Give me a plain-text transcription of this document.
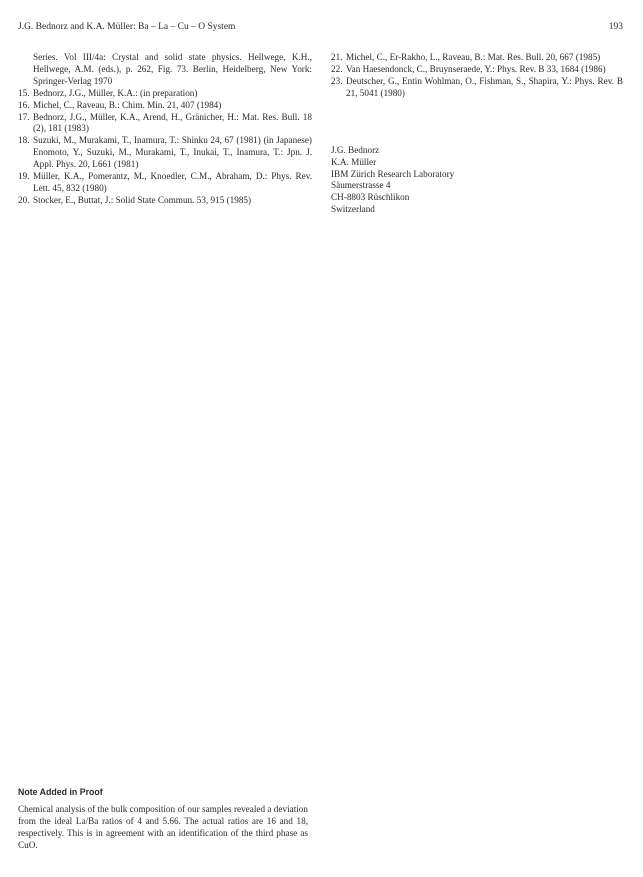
J.G. Bednorz and K.A. Müller: Ba – La – Cu – O System	193
Series. Vol III/4a: Crystal and solid state physics. Hellwege, K.H., Hellwege, A.M. (eds.), p. 262, Fig. 73. Berlin, Heidelberg, New York: Springer-Verlag 1970
15. Bednorz, J.G., Müller, K.A.: (in preparation)
16. Michel, C., Raveau, B.: Chim. Min. 21, 407 (1984)
17. Bednorz, J.G., Müller, K.A., Arend, H., Gränicher, H.: Mat. Res. Bull. 18 (2), 181 (1983)
18. Suzuki, M., Murakami, T., Inamura, T.: Shinku 24, 67 (1981) (in Japanese) Enomoto, Y., Suzuki, M., Murakami, T., Inukai, T., Inamura, T.: Jpn. J. Appl. Phys. 20, L661 (1981)
19. Müller, K.A., Pomerantz, M., Knoedler, C.M., Abraham, D.: Phys. Rev. Lett. 45, 832 (1980)
20. Stocker, E., Buttat, J.: Solid State Commun. 53, 915 (1985)
21. Michel, C., Er-Rakho, L., Raveau, B.: Mat. Res. Bull. 20, 667 (1985)
22. Van Haesendonck, C., Bruynseraede, Y.: Phys. Rev. B 33, 1684 (1986)
23. Deutscher, G., Entin Wohlman, O., Fishman, S., Shapira, Y.: Phys. Rev. B 21, 5041 (1980)
J.G. Bednorz
K.A. Müller
IBM Zürich Research Laboratory
Säumerstrasse 4
CH-8803 Rüschlikon
Switzerland
Note Added in Proof
Chemical analysis of the bulk composition of our samples revealed a deviation from the ideal La/Ba ratios of 4 and 5.66. The actual ratios are 16 and 18, respectively. This is in agreement with an identification of the third phase as CuO.
